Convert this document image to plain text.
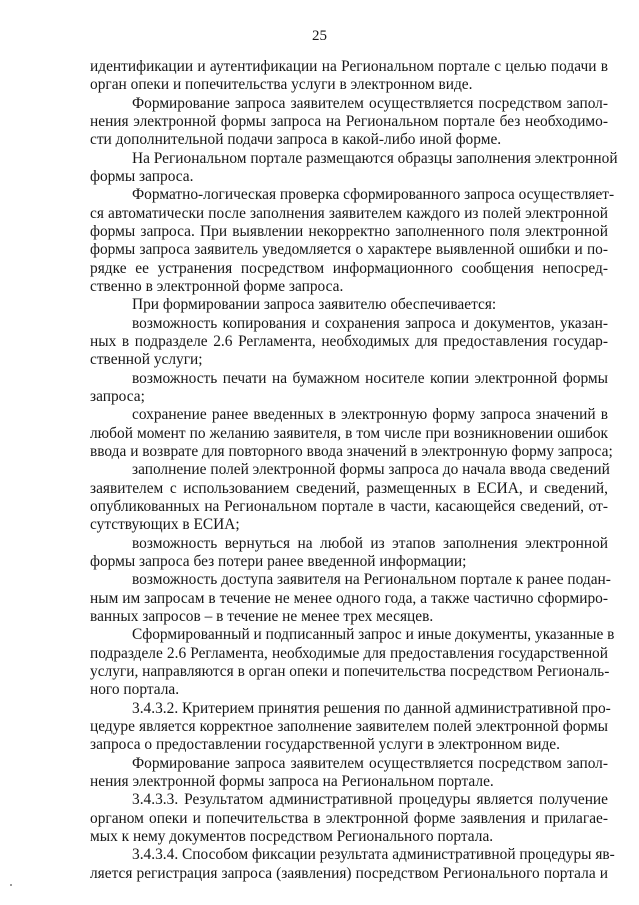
25
идентификации и аутентификации на Региональном портале с целью подачи в
орган опеки и попечительства услуги в электронном виде.
Формирование запроса заявителем осуществляется посредством запол-
нения электронной формы запроса на Региональном портале без необходимо-
сти дополнительной подачи запроса в какой-либо иной форме.
На Региональном портале размещаются образцы заполнения электронной
формы запроса.
Форматно-логическая проверка сформированного запроса осуществляет-
ся автоматически после заполнения заявителем каждого из полей электронной
формы запроса. При выявлении некорректно заполненного поля электронной
формы запроса заявитель уведомляется о характере выявленной ошибки и по-
рядке ее устранения посредством информационного сообщения непосред-
ственно в электронной форме запроса.
При формировании запроса заявителю обеспечивается:
возможность копирования и сохранения запроса и документов, указан-
ных в подразделе 2.6 Регламента, необходимых для предоставления государ-
ственной услуги;
возможность печати на бумажном носителе копии электронной формы
запроса;
сохранение ранее введенных в электронную форму запроса значений в
любой момент по желанию заявителя, в том числе при возникновении ошибок
ввода и возврате для повторного ввода значений в электронную форму запроса;
заполнение полей электронной формы запроса до начала ввода сведений
заявителем с использованием сведений, размещенных в ЕСИА, и сведений,
опубликованных на Региональном портале в части, касающейся сведений, от-
сутствующих в ЕСИА;
возможность вернуться на любой из этапов заполнения электронной
формы запроса без потери ранее введенной информации;
возможность доступа заявителя на Региональном портале к ранее подан-
ным им запросам в течение не менее одного года, а также частично сформиро-
ванных запросов – в течение не менее трех месяцев.
Сформированный и подписанный запрос и иные документы, указанные в
подразделе 2.6 Регламента, необходимые для предоставления государственной
услуги, направляются в орган опеки и попечительства посредством Региональ-
ного портала.
3.4.3.2. Критерием принятия решения по данной административной про-
цедуре является корректное заполнение заявителем полей электронной формы
запроса о предоставлении государственной услуги в электронном виде.
Формирование запроса заявителем осуществляется посредством запол-
нения электронной формы запроса на Региональном портале.
3.4.3.3. Результатом административной процедуры является получение
органом опеки и попечительства в электронной форме заявления и прилагае-
мых к нему документов посредством Регионального портала.
3.4.3.4. Способом фиксации результата административной процедуры яв-
ляется регистрация запроса (заявления) посредством Регионального портала и
